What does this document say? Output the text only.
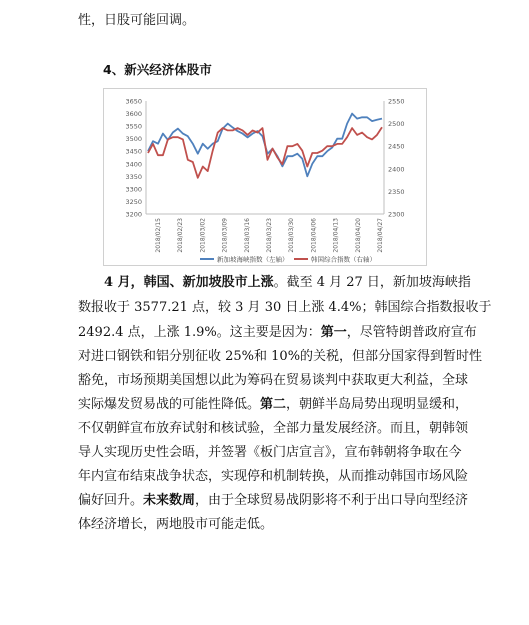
性，日股可能回调。
4、新兴经济体股市
3650
3600
3550
3500
3450
3400
3350
3300
3250
3200
2550
2500
2450
2400
2350
2300
2018/02/15	2018/02/23	2018/03/02	2018/03/09	2018/03/16	2018/03/23	2018/03/30	2018/04/06	2018/04/13	2018/04/20	2018/04/27
新加坡海峡指数（左轴）	韩国综合指数（右轴）
4 月，韩国、新加坡股市上涨。截至 4 月 27 日，新加坡海峡指
数报收于 3577.21 点，较 3 月 30 日上涨 4.4%；韩国综合指数报收于
2492.4 点，上涨 1.9%。这主要是因为：第一，尽管特朗普政府宣布
对进口钢铁和铝分别征收 25%和 10%的关税，但部分国家得到暂时性
豁免，市场预期美国想以此为筹码在贸易谈判中获取更大利益，全球
实际爆发贸易战的可能性降低。第二，朝鲜半岛局势出现明显缓和，
不仅朝鲜宣布放弃试射和核试验，全部力量发展经济。而且，朝韩领
导人实现历史性会晤，并签署《板门店宣言》，宣布韩朝将争取在今
年内宣布结束战争状态，实现停和机制转换，从而推动韩国市场风险
偏好回升。未来数周，由于全球贸易战阴影将不利于出口导向型经济
体经济增长，两地股市可能走低。
